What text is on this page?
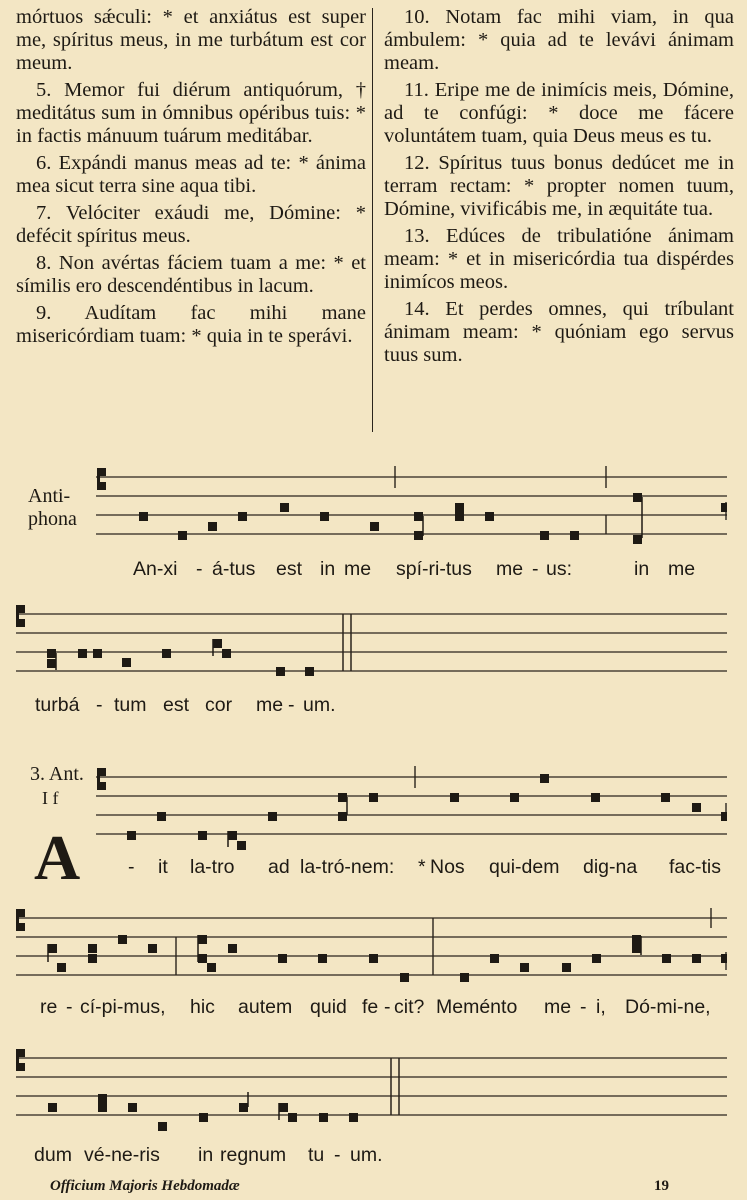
mórtuos sǽculi: * et anxiátus est super me, spíritus meus, in me turbátum est cor meum.

5. Memor fui diérum antiquórum, † meditátus sum in ómnibus opéribus tuis: * in factis mánuum tuárum meditábar.

6. Expándi manus meas ad te: * ánima mea sicut terra sine aqua tibi.

7. Velóciter exáudi me, Dómine: * defécit spíritus meus.

8. Non avértas fáciem tuam a me: * et símilis ero descendéntibus in lacum.

9. Audítam fac mihi mane misericórdiam tuam: * quia in te sperávi.

10. Notam fac mihi viam, in qua ámbulem: * quia ad te levávi ánimam meam.

11. Eripe me de inimícis meis, Dómine, ad te confúgi: * doce me fácere voluntátem tuam, quia Deus meus es tu.

12. Spíritus tuus bonus dedúcet me in terram rectam: * propter nomen tuum, Dómine, vivificábis me, in æquitáte tua.

13. Edúces de tribulatióne ánimam meam: * et in misericórdia tua dispérdes inimícos meos.

14. Et perdes omnes, qui tríbulant ánimam meam: * quóniam ego servus tuus sum.

Anti-
phona
An-xi - á-tus est in me spí-ri-tus me - us:	in me
turbá - tum est cor me - um.
3. Ant.
I f
A - it la-tro ad la-tró-nem: * Nos qui-dem dig-na fac-tis
re - cí-pi-mus, hic autem quid fe - cit? Meménto me - i, Dó-mi-ne,
dum vé-ne-ris in regnum tu - um.
Officium Majoris Hebdomadæ	19
